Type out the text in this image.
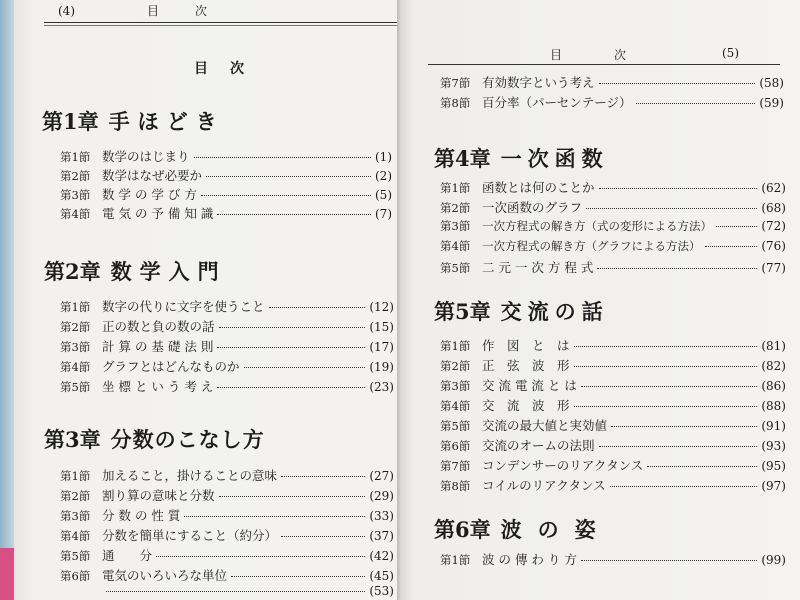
(4)　　　　　　目　　　次
目次
第1章 手ほどき
第1節 数学のはじまり	(1)
第2節 数学はなぜ必要か	(2)
第3節 数 学 の 学 び 方	(5)
第4節 電 気 の 予 備 知 識	(7)
第2章 数学入門
第1節 数字の代りに文字を使うこと	(12)
第2節 正の数と負の数の話	(15)
第3節 計 算 の 基 礎 法 則	(17)
第4節 グラフとはどんなものか	(19)
第5節 坐 標 と い う 考 え	(23)
第3章 分数のこなし方
第1節 加えること，掛けることの意味	(27)
第2節 割り算の意味と分数	(29)
第3節 分 数 の 性 質	(33)
第4節 分数を簡単にすること（約分）	(37)
第5節 通　　分	(42)
第6節 電気のいろいろな単位	(45)
(53)
目　　　次	(5)
第7節 有効数字という考え	(58)
第8節 百分率（パーセンテージ）	(59)
第4章 一次函数
第1節 函数とは何のことか	(62)
第2節 一次函数のグラフ	(68)
第3節	一次方程式の解き方（式の変形による方法）	(72)
第4節	一次方程式の解き方（グラフによる方法）	(76)
第5節 二 元 一 次 方 程 式	(77)
第5章 交流の話
第1節 作　図　と　は	(81)
第2節 正　弦　波　形	(82)
第3節 交 流 電 流 と は	(86)
第4節 交　流　波　形	(88)
第5節 交流の最大値と実効値	(91)
第6節 交流のオームの法則	(93)
第7節 コンデンサーのリアクタンス	(95)
第8節 コイルのリアクタンス	(97)
第6章 波の姿
第1節 波 の 傳 わ り 方	(99)
